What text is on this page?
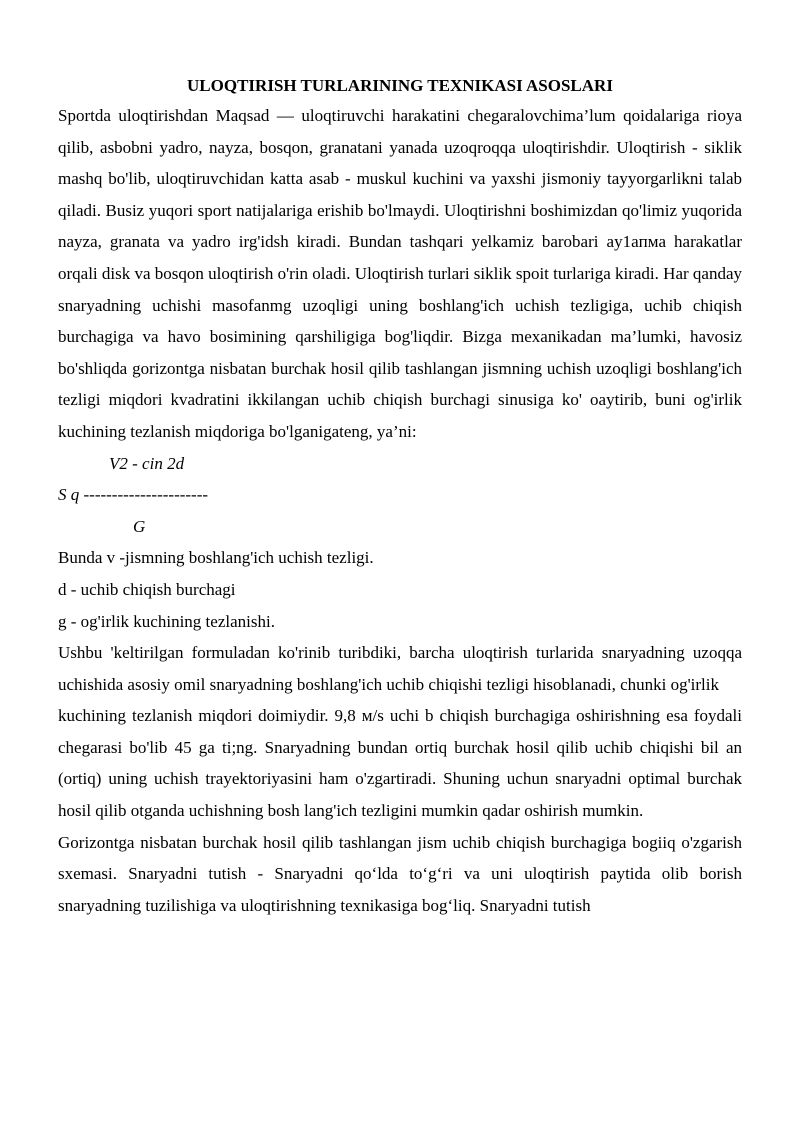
ULOQTIRISH TURLARINING TEXNIKASI ASOSLARI

Sportda uloqtirishdan Maqsad — uloqtiruvchi harakatini chegaralovchima’lum qoidalariga rioya qilib, asbobni yadro, nayza, bosqon, granatani yanada uzoqroqqa uloqtirishdir. Uloqtirish - siklik mashq bo'lib, uloqtiruvchidan katta asab - muskul kuchini va yaxshi jismoniy tayyorgarlikni talab qiladi. Busiz yuqori sport natijalariga erishib bo'lmaydi. Uloqtirishni boshimizdan qo'limiz yuqorida nayza, granata va yadro irg'idsh kiradi. Bundan tashqari yelkamiz barobari ay1aпмa harakatlar orqali disk va bosqon uloqtirish o'rin oladi. Uloqtirish turlari siklik spoit turlariga kiradi. Har qanday snaryadning uchishi masofanmg uzoqligi uning boshlang'ich uchish tezligiga, uchib chiqish burchagiga va havo bosimining qarshiligiga bog'liqdir. Bizga mexanikadan ma’lumki, havosiz bo'shliqda gorizontga nisbatan burchak hosil qilib tashlangan jismning uchish uzoqligi boshlang'ich tezligi miqdori kvadratini ikkilangan uchib chiqish burchagi sinusiga ko' oaytirib, buni og'irlik kuchining tezlanish miqdoriga bo'lganigateng, ya’ni:

V2 - cin 2d

S q ----------------------

G

Bunda v -jismning boshlang'ich uchish tezligi.

d - uchib chiqish burchagi

g - og'irlik kuchining tezlanishi.

Ushbu 'keltirilgan formuladan ko'rinib turibdiki, barcha uloqtirish turlarida snaryadning uzoqqa uchishida asosiy omil snaryadning boshlang'ich uchib chiqishi tezligi hisoblanadi, chunki og'irlik

kuchining tezlanish miqdori doimiydir. 9,8 м/s uchi b chiqish burchagiga oshirishning esa foydali chegarasi bo'lib 45 ga ti;ng. Snaryadning bundan ortiq burchak hosil qilib uchib chiqishi bil an (ortiq) uning uchish trayektoriyasini ham o'zgartiradi. Shuning uchun snaryadni optimal burchak hosil qilib otganda uchishning bosh lang'ich tezligini mumkin qadar oshirish mumkin.

Gorizontga nisbatan burchak hosil qilib tashlangan jism uchib chiqish burchagiga bogiiq o'zgarish sxemasi. Snaryadni tutish - Snaryadni qo‘lda to‘g‘ri va uni uloqtirish paytida olib borish snaryadning tuzilishiga va uloqtirishning texnikasiga bog‘liq. Snaryadni tutish
